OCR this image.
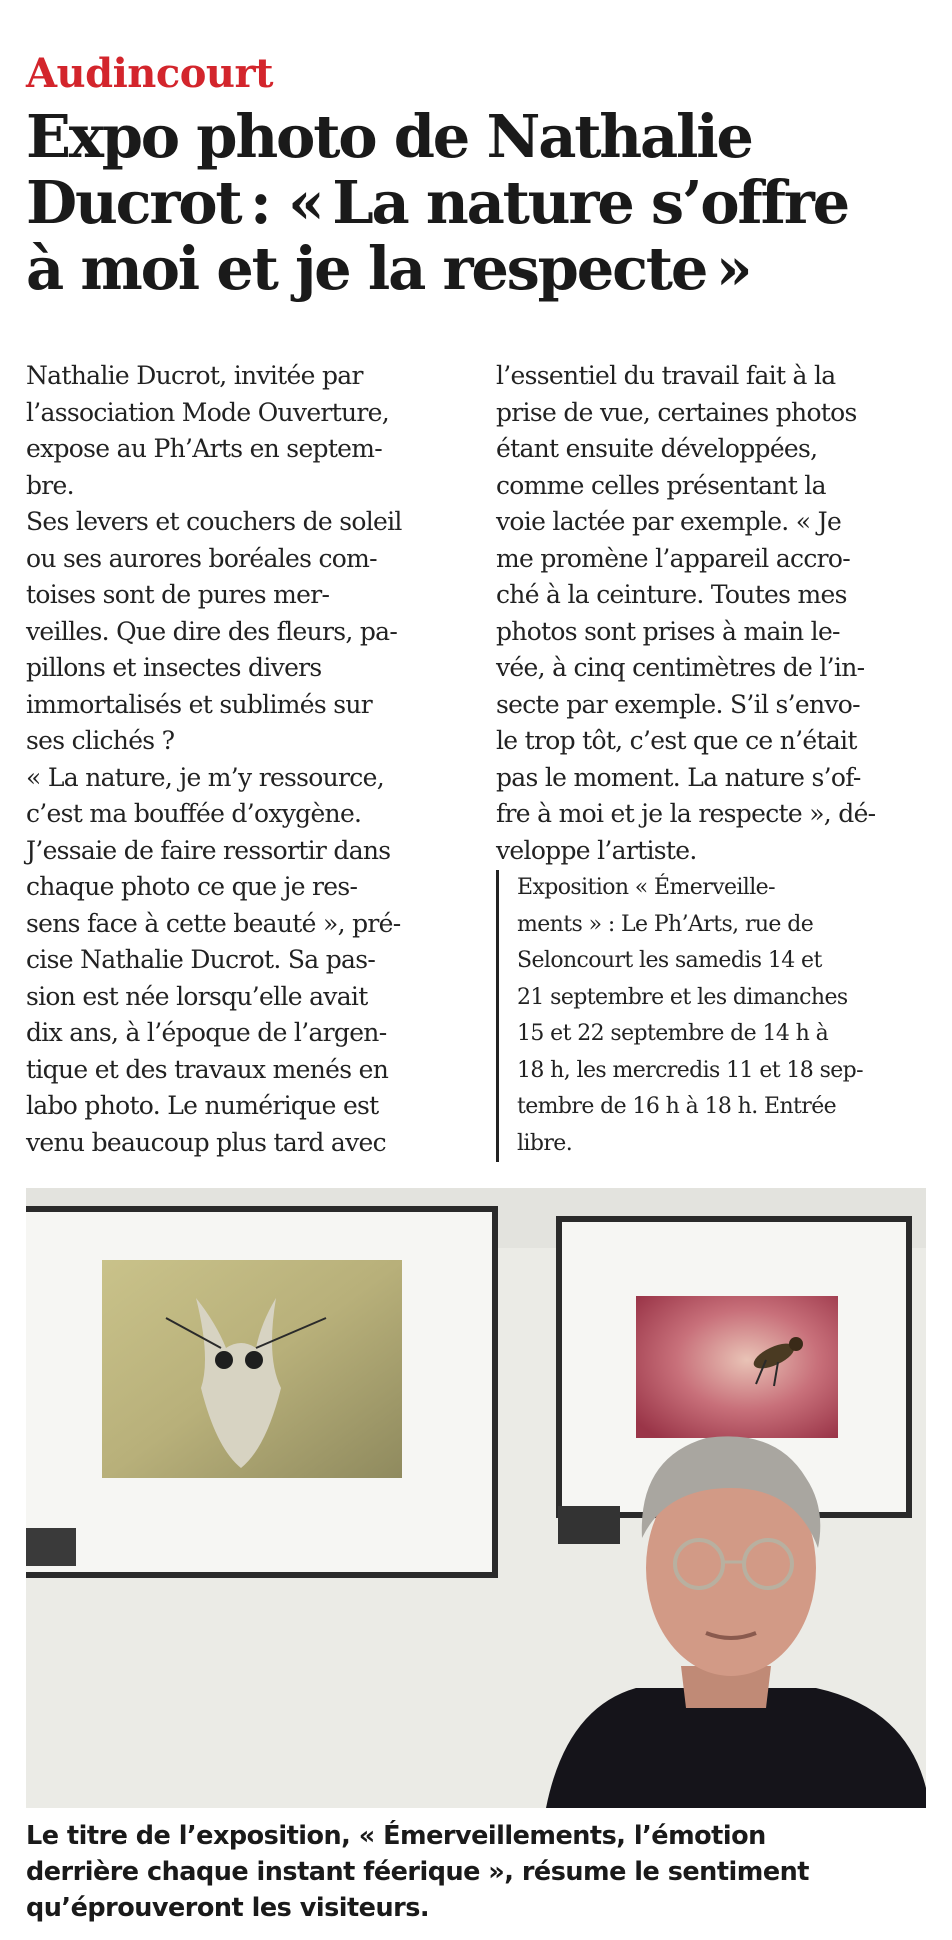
Audincourt
Expo photo de Nathalie
Ducrot : « La nature s’offre
à moi et je la respecte »
Nathalie Ducrot, invitée par
l’association Mode Ouverture,
expose au Ph’Arts en septem-
bre.
Ses levers et couchers de soleil
ou ses aurores boréales com-
toises sont de pures mer-
veilles. Que dire des fleurs, pa-
pillons et insectes divers
immortalisés et sublimés sur
ses clichés ?
« La nature, je m’y ressource,
c’est ma bouffée d’oxygène.
J’essaie de faire ressortir dans
chaque photo ce que je res-
sens face à cette beauté », pré-
cise Nathalie Ducrot. Sa pas-
sion est née lorsqu’elle avait
dix ans, à l’époque de l’argen-
tique et des travaux menés en
labo photo. Le numérique est
venu beaucoup plus tard avec
l’essentiel du travail fait à la
prise de vue, certaines photos
étant ensuite développées,
comme celles présentant la
voie lactée par exemple. « Je
me promène l’appareil accro-
ché à la ceinture. Toutes mes
photos sont prises à main le-
vée, à cinq centimètres de l’in-
secte par exemple. S’il s’envo-
le trop tôt, c’est que ce n’était
pas le moment. La nature s’of-
fre à moi et je la respecte », dé-
veloppe l’artiste.
Exposition « Émerveille-
ments » : Le Ph’Arts, rue de
Seloncourt les samedis 14 et
21 septembre et les dimanches
15 et 22 septembre de 14 h à
18 h, les mercredis 11 et 18 sep-
tembre de 16 h à 18 h. Entrée
libre.
Le titre de l’exposition, « Émerveillements, l’émotion
derrière chaque instant féerique », résume le sentiment
qu’éprouveront les visiteurs.
